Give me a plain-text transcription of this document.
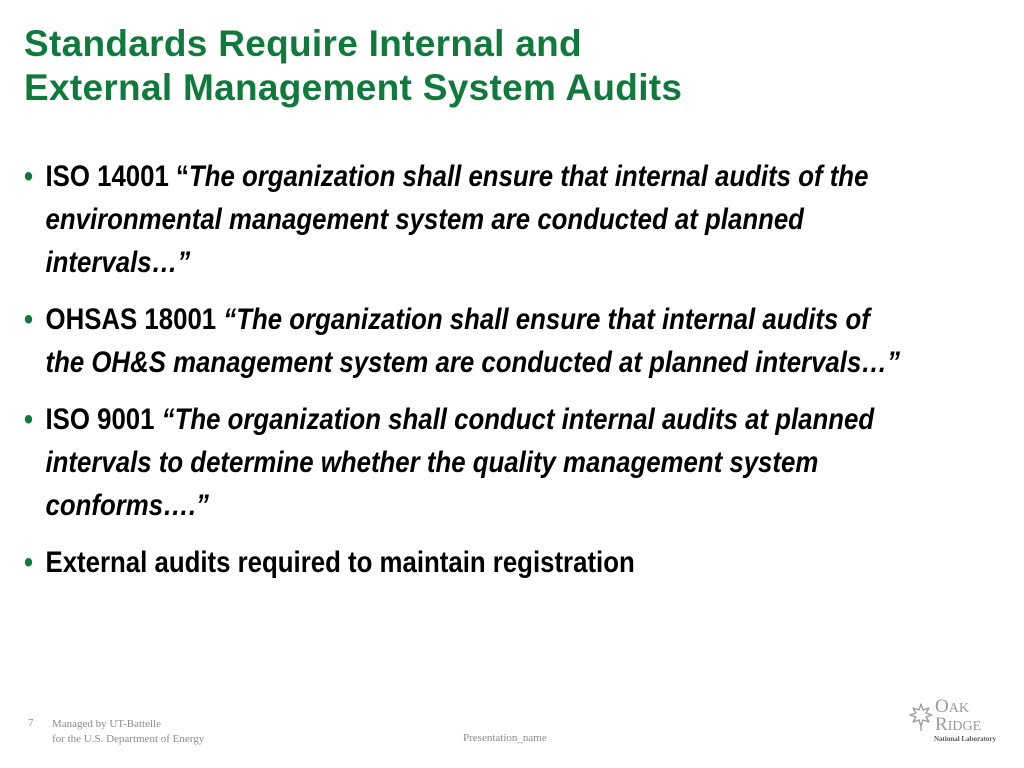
Standards Require Internal and
External Management System Audits
• ISO 14001 “The organization shall ensure that internal audits of the environmental management system are conducted at planned intervals…”
• OHSAS 18001 “The organization shall ensure that internal audits of the OH&S management system are conducted at planned intervals…”
• ISO 9001 “The organization shall conduct internal audits at planned intervals to determine whether the quality management system conforms….”
• External audits required to maintain registration
7 Managed by UT-Battelle
for the U.S. Department of Energy	Presentation_name
OAK
RIDGE
National Laboratory
